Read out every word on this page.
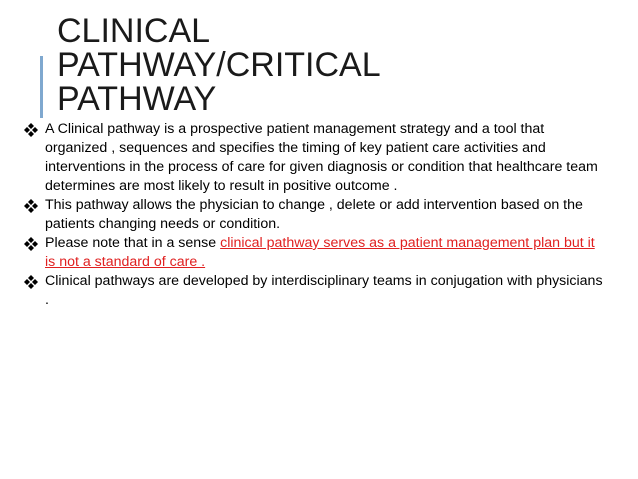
CLINICAL
PATHWAY/CRITICAL
PATHWAY
A Clinical pathway is a prospective patient management strategy and a tool that organized , sequences and specifies the timing of key patient care activities and interventions in the process of care for given diagnosis or condition that healthcare team determines are most likely to result in positive outcome .
This pathway allows the physician to change , delete or add intervention based on the patients changing needs or condition.
Please note that in a sense clinical pathway serves as a patient management plan but it is not a standard of care .
Clinical pathways are developed by interdisciplinary teams in conjugation with physicians .
